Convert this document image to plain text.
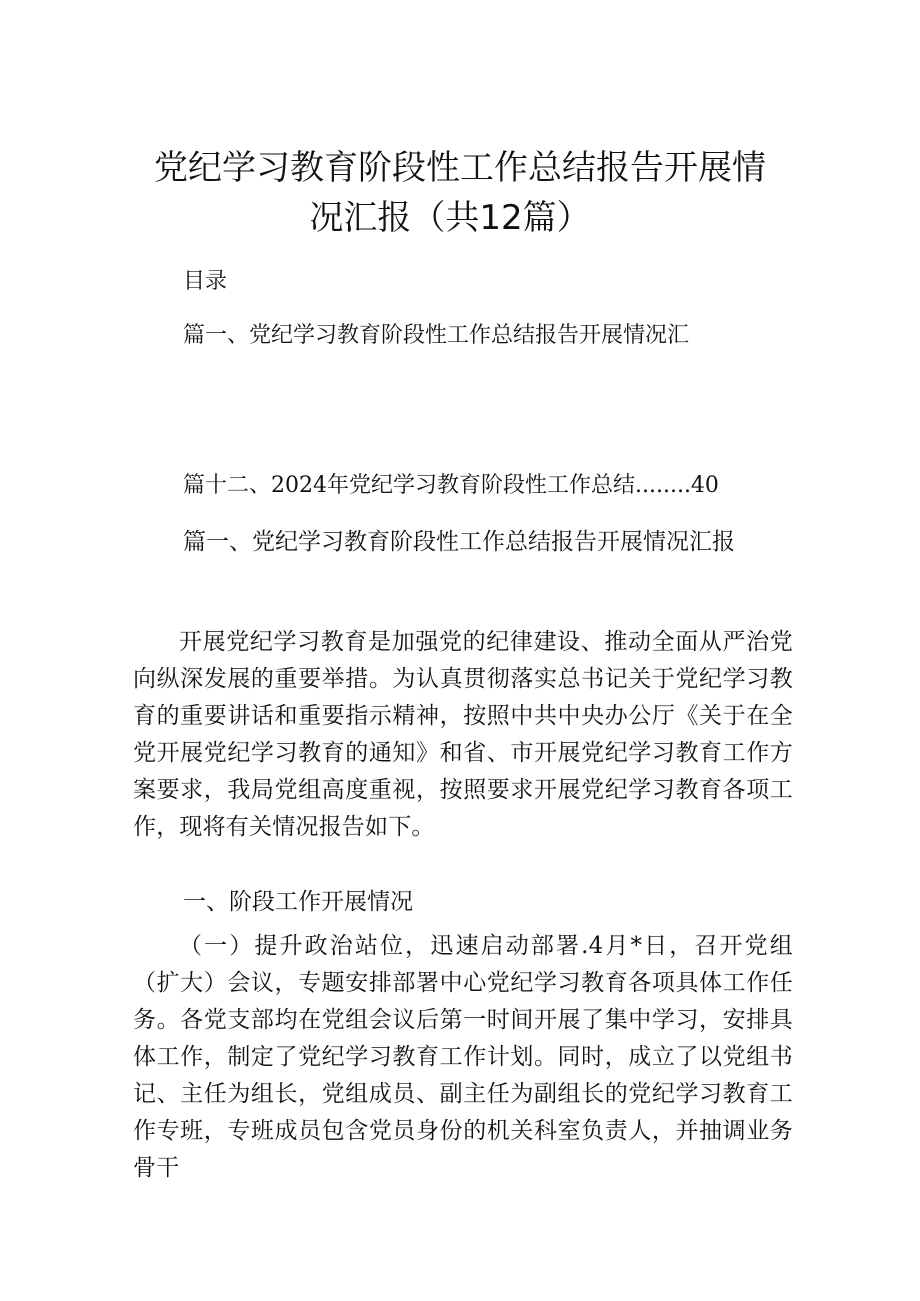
党纪学习教育阶段性工作总结报告开展情
况汇报（共12篇）
目录
篇一、党纪学习教育阶段性工作总结报告开展情况汇
篇十二、2024年党纪学习教育阶段性工作总结........40
篇一、党纪学习教育阶段性工作总结报告开展情况汇报
开展党纪学习教育是加强党的纪律建设、推动全面从严治党向纵深发展的重要举措。为认真贯彻落实总书记关于党纪学习教育的重要讲话和重要指示精神，按照中共中央办公厅《关于在全党开展党纪学习教育的通知》和省、市开展党纪学习教育工作方案要求，我局党组高度重视，按照要求开展党纪学习教育各项工作，现将有关情况报告如下。
一、阶段工作开展情况
（一）提升政治站位，迅速启动部署.4月*日，召开党组（扩大）会议，专题安排部署中心党纪学习教育各项具体工作任务。各党支部均在党组会议后第一时间开展了集中学习，安排具体工作，制定了党纪学习教育工作计划。同时，成立了以党组书记、主任为组长，党组成员、副主任为副组长的党纪学习教育工作专班，专班成员包含党员身份的机关科室负责人，并抽调业务骨干
